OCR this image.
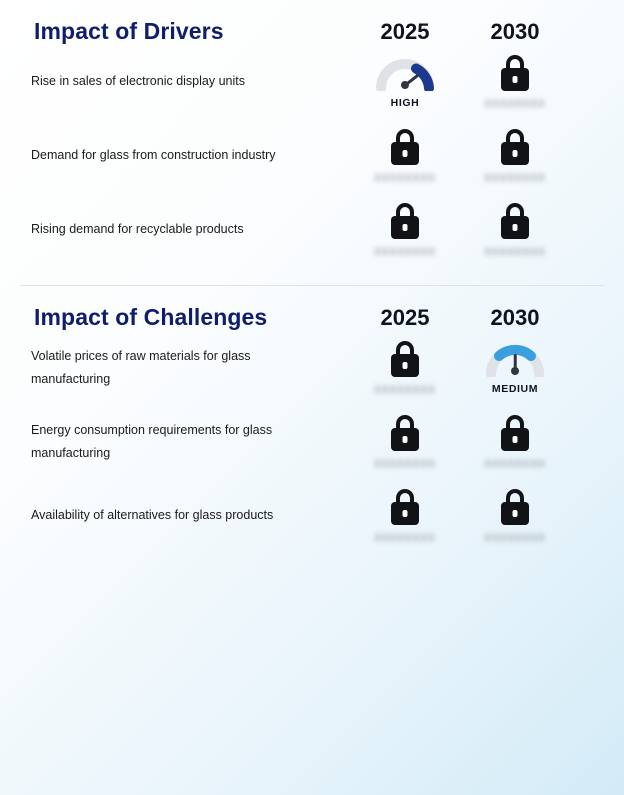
Impact of Drivers	2025	2030
Rise in sales of electronic display units
HIGH	XXXXXXXX
Demand for glass from construction industry
XXXXXXXX	XXXXXXXX
Rising demand for recyclable products
XXXXXXXX	XXXXXXXX
Impact of Challenges	2025	2030
Volatile prices of raw materials for glass manufacturing
XXXXXXXX	MEDIUM
Energy consumption requirements for glass manufacturing
XXXXXXXX	XXXXXXXX
Availability of alternatives for glass products
XXXXXXXX	XXXXXXXX
